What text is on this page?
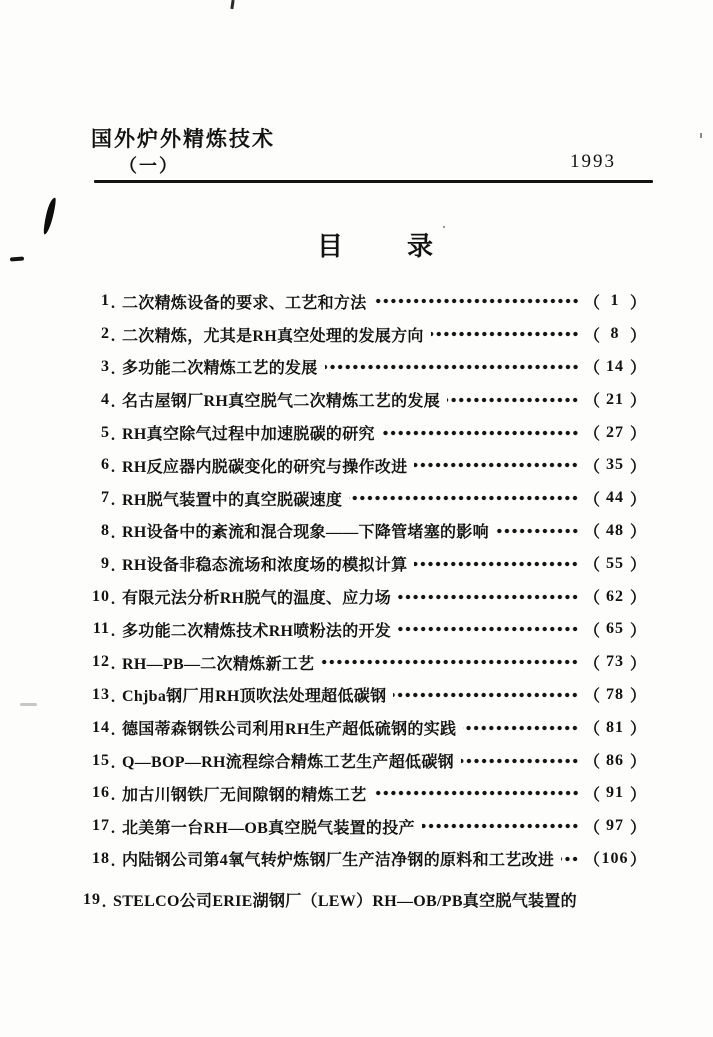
国外炉外精炼技术
（一）	1993
目 录
1 . 二次精炼设备的要求、工艺和方法	（ 1 ）
2 . 二次精炼，尤其是RH真空处理的发展方向	（ 8 ）
3 . 多功能二次精炼工艺的发展	（ 14 ）
4 . 名古屋钢厂RH真空脱气二次精炼工艺的发展	（ 21 ）
5 . RH真空除气过程中加速脱碳的研究	（ 27 ）
6 . RH反应器内脱碳变化的研究与操作改进	（ 35 ）
7 . RH脱气装置中的真空脱碳速度	（ 44 ）
8 . RH设备中的紊流和混合现象——下降管堵塞的影响	（ 48 ）
9 . RH设备非稳态流场和浓度场的模拟计算	（ 55 ）
10 . 有限元法分析RH脱气的温度、应力场	（ 62 ）
11 . 多功能二次精炼技术RH喷粉法的开发	（ 65 ）
12 . RH—PB—二次精炼新工艺	（ 73 ）
13 . Chjba钢厂用RH顶吹法处理超低碳钢	（ 78 ）
14 . 德国蒂森钢铁公司利用RH生产超低硫钢的实践	（ 81 ）
15 . Q—BOP—RH流程综合精炼工艺生产超低碳钢	（ 86 ）
16 . 加古川钢铁厂无间隙钢的精炼工艺	（ 91 ）
17 . 北美第一台RH—OB真空脱气装置的投产	（ 97 ）
18 . 内陆钢公司第4氧气转炉炼钢厂生产洁净钢的原料和工艺改进 （ 106 ）
19 . STELCO公司ERIE湖钢厂（LEW）RH—OB/PB真空脱气装置的
